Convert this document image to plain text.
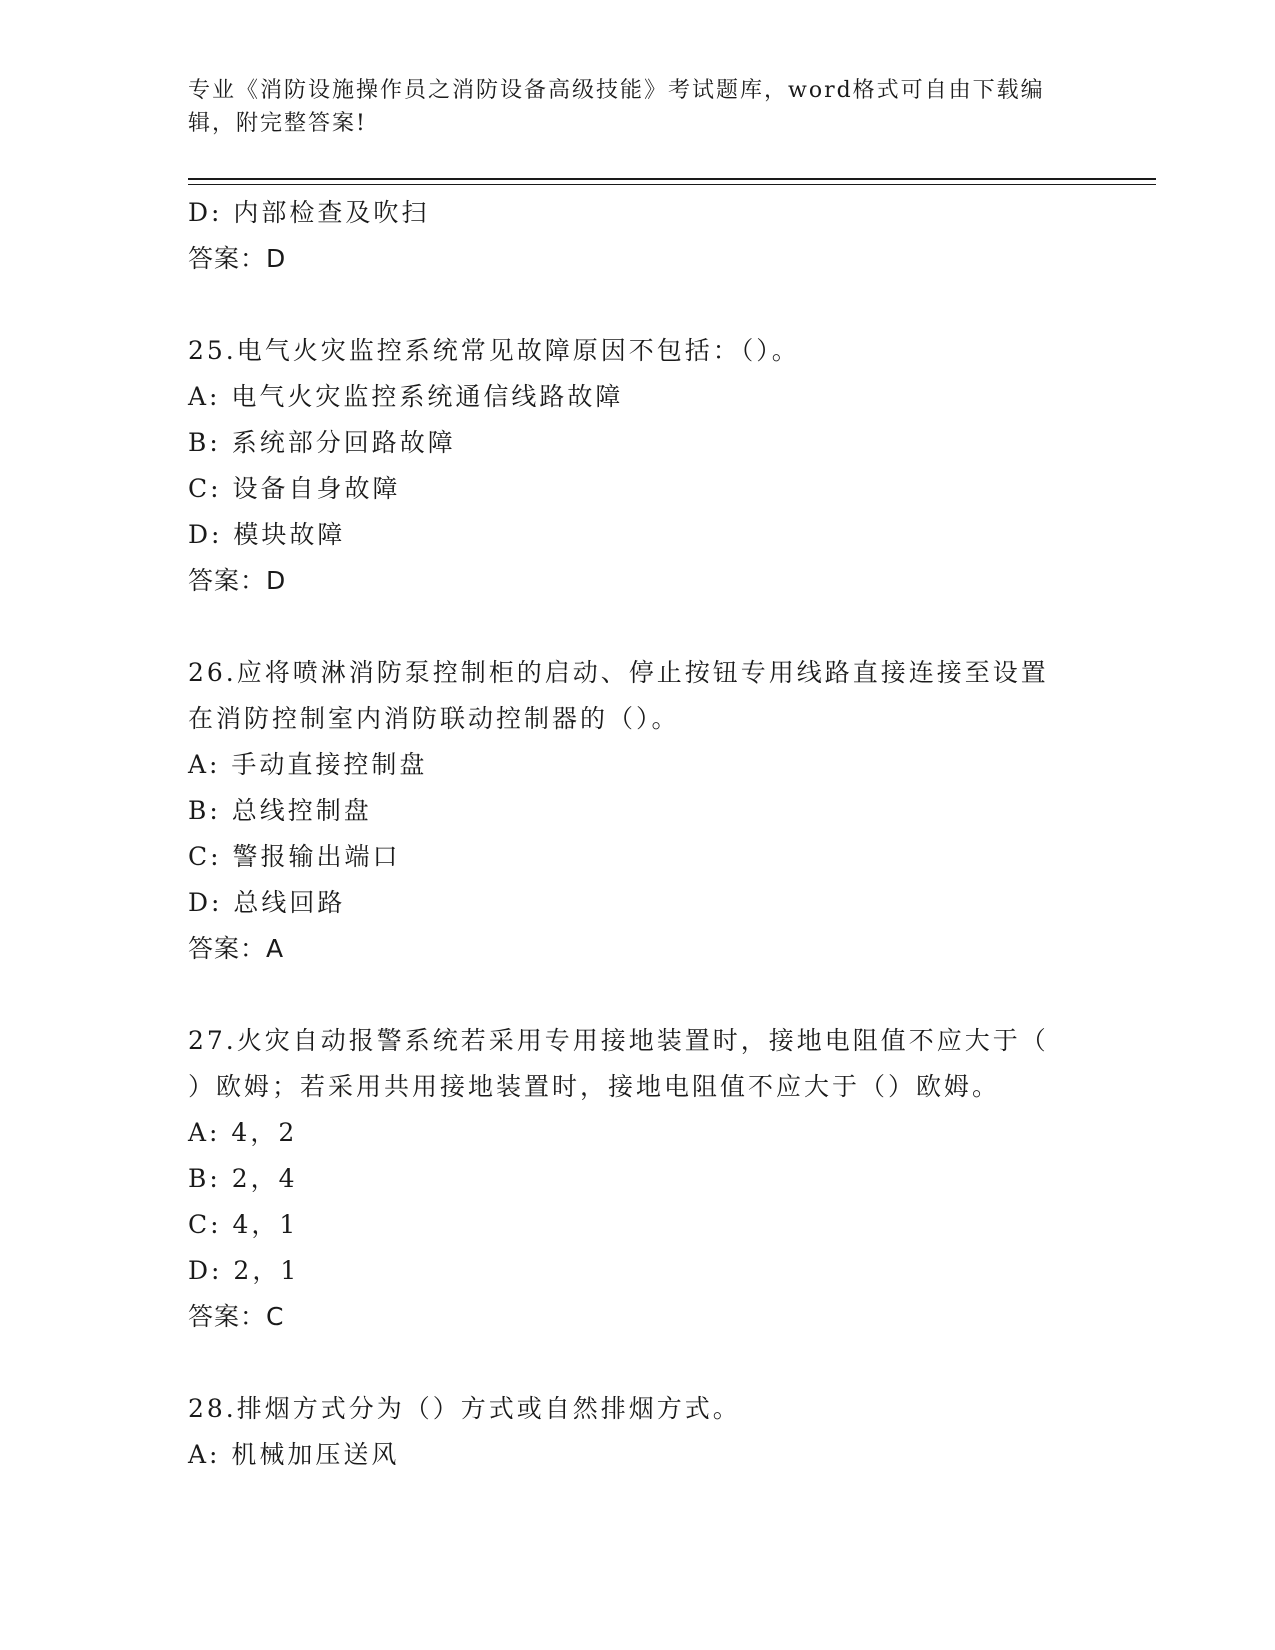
专业《消防设施操作员之消防设备高级技能》考试题库，word格式可自由下载编
辑，附完整答案!
D: 内部检查及吹扫
答案：D
25.电气火灾监控系统常见故障原因不包括：（）。
A: 电气火灾监控系统通信线路故障
B: 系统部分回路故障
C: 设备自身故障
D: 模块故障
答案：D
26.应将喷淋消防泵控制柜的启动、停止按钮专用线路直接连接至设置
在消防控制室内消防联动控制器的（）。
A: 手动直接控制盘
B: 总线控制盘
C: 警报输出端口
D: 总线回路
答案：A
27.火灾自动报警系统若采用专用接地装置时，接地电阻值不应大于（
）欧姆；若采用共用接地装置时，接地电阻值不应大于（）欧姆。
A: 4，2
B: 2，4
C: 4，1
D: 2，1
答案：C
28.排烟方式分为（）方式或自然排烟方式。
A: 机械加压送风
